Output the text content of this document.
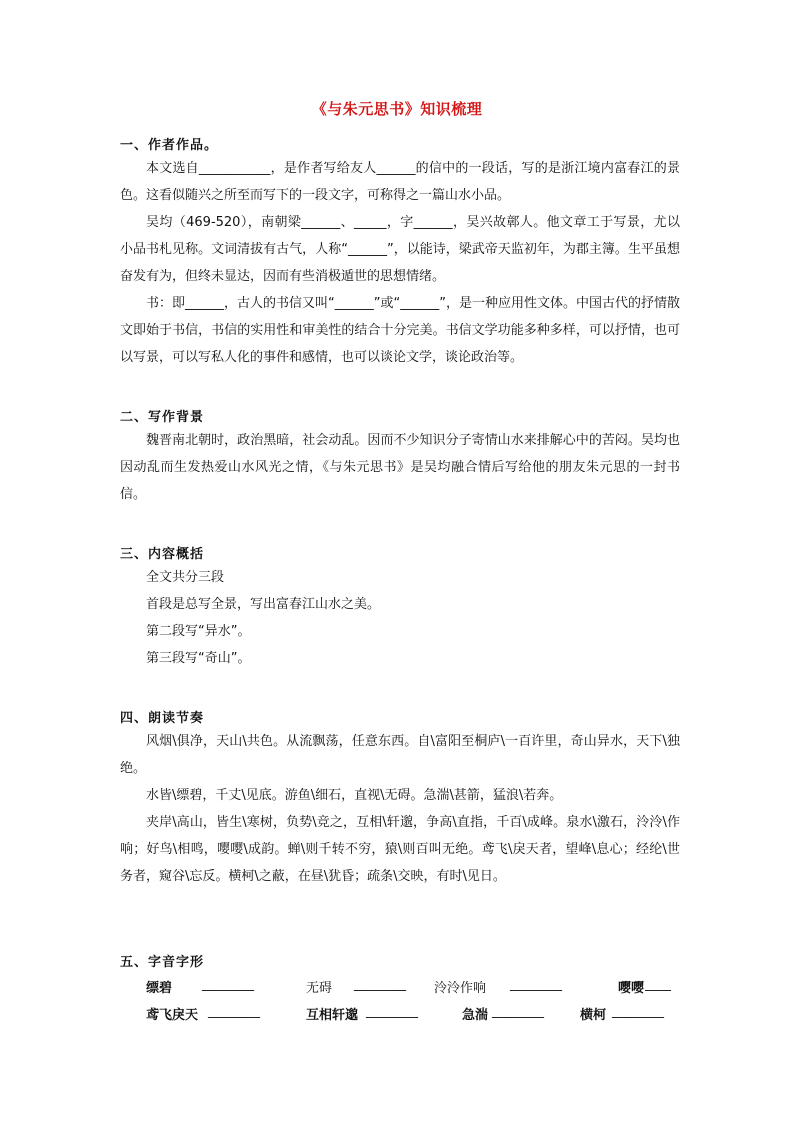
《与朱元思书》知识梳理
一、作者作品。
本文选自___________，是作者写给友人______的信中的一段话，写的是浙江境内富春江的景色。这看似随兴之所至而写下的一段文字，可称得之一篇山水小品。
吴均（469-520），南朝梁______、_____，字______，吴兴故鄣人。他文章工于写景，尤以小品书札见称。文词清拔有古气，人称“______”，以能诗，梁武帝天监初年，为郡主簿。生平虽想奋发有为，但终未显达，因而有些消极遁世的思想情绪。
书：即______，古人的书信又叫“______”或“______”，是一种应用性文体。中国古代的抒情散文即始于书信，书信的实用性和审美性的结合十分完美。书信文学功能多种多样，可以抒情，也可以写景，可以写私人化的事件和感情，也可以谈论文学，谈论政治等。
二、写作背景
魏晋南北朝时，政治黑暗，社会动乱。因而不少知识分子寄情山水来排解心中的苦闷。吴均也因动乱而生发热爱山水风光之情，《与朱元思书》是吴均融合情后写给他的朋友朱元思的一封书信。
三、内容概括
全文共分三段
首段是总写全景，写出富春江山水之美。
第二段写“异水”。
第三段写“奇山”。
四、朗读节奏
风烟\俱净，天山\共色。从流飘荡，任意东西。自\富阳至桐庐\一百许里，奇山异水，天下\独绝。
水皆\缥碧，千丈\见底。游鱼\细石，直视\无碍。急湍\甚箭，猛浪\若奔。
夹岸\高山，皆生\寒树，负势\竞之，互相\轩邈，争高\直指，千百\成峰。泉水\激石，泠泠\作响；好鸟\相鸣，嘤嘤\成韵。蝉\则千转不穷，猿\则百叫无绝。鸢飞\戾天者，望峰\息心；经纶\世务者，窥谷\忘反。横柯\之蔽，在昼\犹昏；疏条\交映，有时\见日。
五、字音字形
缥碧 ________	无碍 ________ 泠泠作响 ________	嘤嘤 ____
鸢飞戾天 ________	互相轩邈 ________	急湍 ________	横柯 ________
